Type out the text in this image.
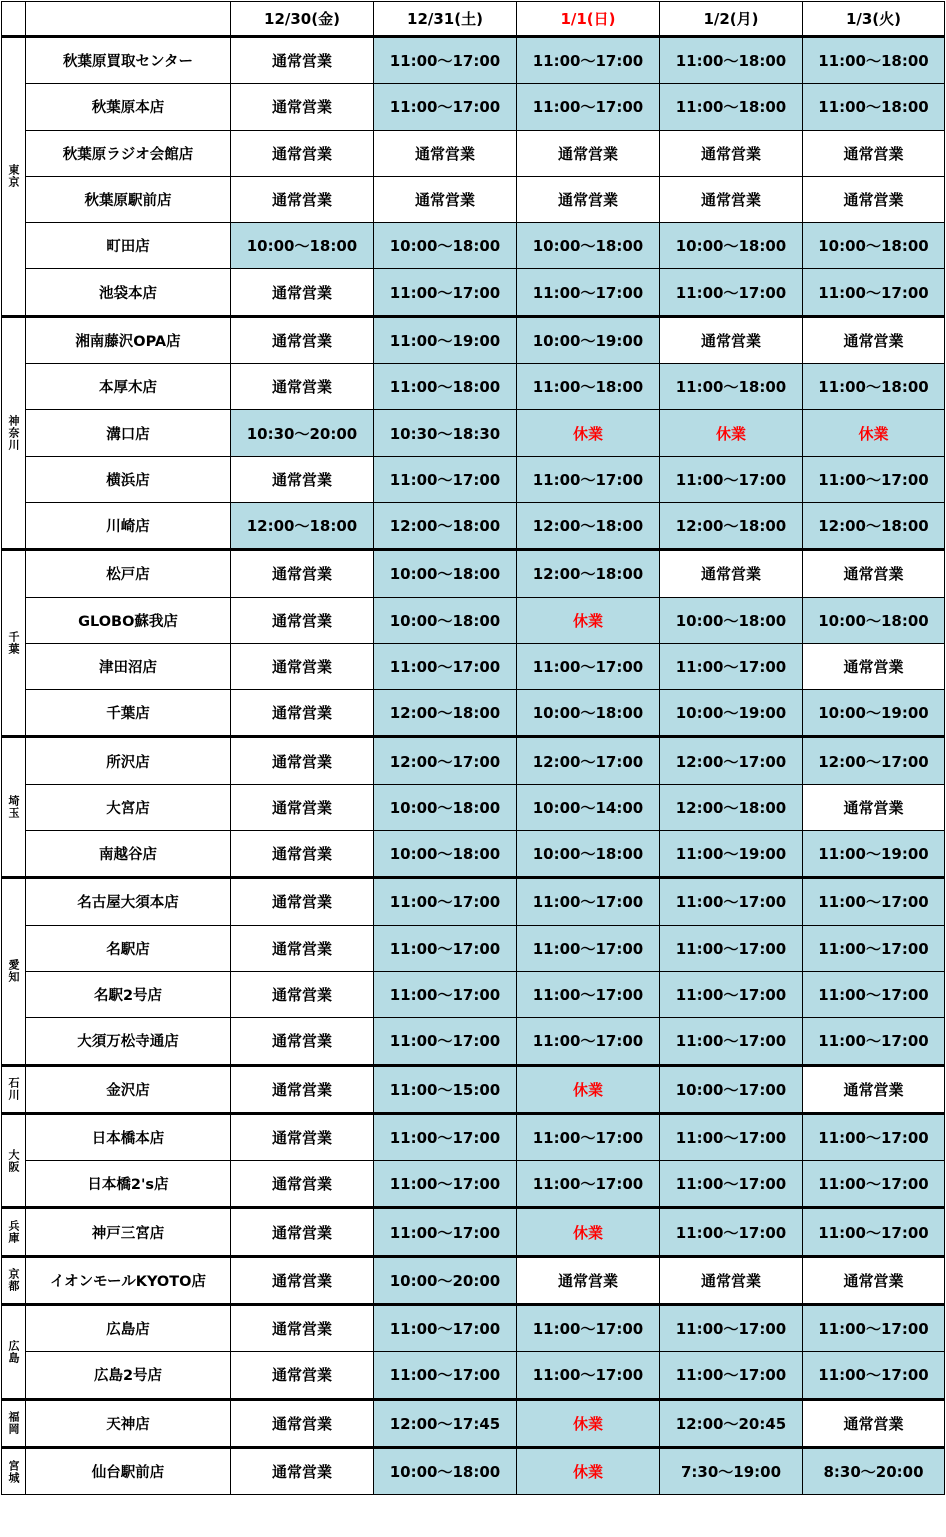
		12/30(金)	12/31(土)	1/1(日)	1/2(月)	1/3(火)
東京	秋葉原買取センター	通常営業	11:00〜17:00	11:00〜17:00	11:00〜18:00	11:00〜18:00
	秋葉原本店	通常営業	11:00〜17:00	11:00〜17:00	11:00〜18:00	11:00〜18:00
	秋葉原ラジオ会館店	通常営業	通常営業	通常営業	通常営業	通常営業
	秋葉原駅前店	通常営業	通常営業	通常営業	通常営業	通常営業
	町田店	10:00〜18:00	10:00〜18:00	10:00〜18:00	10:00〜18:00	10:00〜18:00
	池袋本店	通常営業	11:00〜17:00	11:00〜17:00	11:00〜17:00	11:00〜17:00
神奈川	湘南藤沢OPA店	通常営業	11:00〜19:00	10:00〜19:00	通常営業	通常営業
	本厚木店	通常営業	11:00〜18:00	11:00〜18:00	11:00〜18:00	11:00〜18:00
	溝口店	10:30〜20:00	10:30〜18:30	休業	休業	休業
	横浜店	通常営業	11:00〜17:00	11:00〜17:00	11:00〜17:00	11:00〜17:00
	川崎店	12:00〜18:00	12:00〜18:00	12:00〜18:00	12:00〜18:00	12:00〜18:00
千葉	松戸店	通常営業	10:00〜18:00	12:00〜18:00	通常営業	通常営業
	GLOBO蘇我店	通常営業	10:00〜18:00	休業	10:00〜18:00	10:00〜18:00
	津田沼店	通常営業	11:00〜17:00	11:00〜17:00	11:00〜17:00	通常営業
	千葉店	通常営業	12:00〜18:00	10:00〜18:00	10:00〜19:00	10:00〜19:00
埼玉	所沢店	通常営業	12:00〜17:00	12:00〜17:00	12:00〜17:00	12:00〜17:00
	大宮店	通常営業	10:00〜18:00	10:00〜14:00	12:00〜18:00	通常営業
	南越谷店	通常営業	10:00〜18:00	10:00〜18:00	11:00〜19:00	11:00〜19:00
愛知	名古屋大須本店	通常営業	11:00〜17:00	11:00〜17:00	11:00〜17:00	11:00〜17:00
	名駅店	通常営業	11:00〜17:00	11:00〜17:00	11:00〜17:00	11:00〜17:00
	名駅2号店	通常営業	11:00〜17:00	11:00〜17:00	11:00〜17:00	11:00〜17:00
	大須万松寺通店	通常営業	11:00〜17:00	11:00〜17:00	11:00〜17:00	11:00〜17:00
石川	金沢店	通常営業	11:00〜15:00	休業	10:00〜17:00	通常営業
大阪	日本橋本店	通常営業	11:00〜17:00	11:00〜17:00	11:00〜17:00	11:00〜17:00
	日本橋2's店	通常営業	11:00〜17:00	11:00〜17:00	11:00〜17:00	11:00〜17:00
兵庫	神戸三宮店	通常営業	11:00〜17:00	休業	11:00〜17:00	11:00〜17:00
京都	イオンモールKYOTO店	通常営業	10:00〜20:00	通常営業	通常営業	通常営業
広島	広島店	通常営業	11:00〜17:00	11:00〜17:00	11:00〜17:00	11:00〜17:00
	広島2号店	通常営業	11:00〜17:00	11:00〜17:00	11:00〜17:00	11:00〜17:00
福岡	天神店	通常営業	12:00〜17:45	休業	12:00〜20:45	通常営業
宮城	仙台駅前店	通常営業	10:00〜18:00	休業	7:30〜19:00	8:30〜20:00
